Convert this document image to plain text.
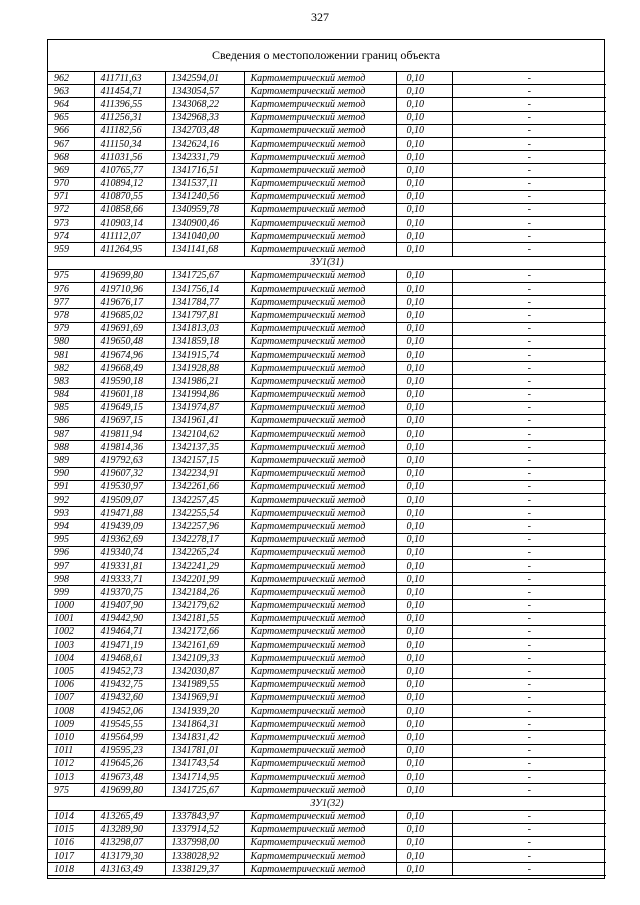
327
Сведения о местоположении границ объекта
962	411711,63	1342594,01	Картометрический метод	0,10	-
963	411454,71	1343054,57	Картометрический метод	0,10	-
964	411396,55	1343068,22	Картометрический метод	0,10	-
965	411256,31	1342968,33	Картометрический метод	0,10	-
966	411182,56	1342703,48	Картометрический метод	0,10	-
967	411150,34	1342624,16	Картометрический метод	0,10	-
968	411031,56	1342331,79	Картометрический метод	0,10	-
969	410765,77	1341716,51	Картометрический метод	0,10	-
970	410894,12	1341537,11	Картометрический метод	0,10	-
971	410870,55	1341240,56	Картометрический метод	0,10	-
972	410858,66	1340959,78	Картометрический метод	0,10	-
973	410903,14	1340900,46	Картометрический метод	0,10	-
974	411112,07	1341040,00	Картометрический метод	0,10	-
959	411264,95	1341141,68	Картометрический метод	0,10	-
ЗУ1(31)					
975	419699,80	1341725,67	Картометрический метод	0,10	-
976	419710,96	1341756,14	Картометрический метод	0,10	-
977	419676,17	1341784,77	Картометрический метод	0,10	-
978	419685,02	1341797,81	Картометрический метод	0,10	-
979	419691,69	1341813,03	Картометрический метод	0,10	-
980	419650,48	1341859,18	Картометрический метод	0,10	-
981	419674,96	1341915,74	Картометрический метод	0,10	-
982	419668,49	1341928,88	Картометрический метод	0,10	-
983	419590,18	1341986,21	Картометрический метод	0,10	-
984	419601,18	1341994,86	Картометрический метод	0,10	-
985	419649,15	1341974,87	Картометрический метод	0,10	-
986	419697,15	1341961,41	Картометрический метод	0,10	-
987	419811,94	1342104,62	Картометрический метод	0,10	-
988	419814,36	1342137,35	Картометрический метод	0,10	-
989	419792,63	1342157,15	Картометрический метод	0,10	-
990	419607,32	1342234,91	Картометрический метод	0,10	-
991	419530,97	1342261,66	Картометрический метод	0,10	-
992	419509,07	1342257,45	Картометрический метод	0,10	-
993	419471,88	1342255,54	Картометрический метод	0,10	-
994	419439,09	1342257,96	Картометрический метод	0,10	-
995	419362,69	1342278,17	Картометрический метод	0,10	-
996	419340,74	1342265,24	Картометрический метод	0,10	-
997	419331,81	1342241,29	Картометрический метод	0,10	-
998	419333,71	1342201,99	Картометрический метод	0,10	-
999	419370,75	1342184,26	Картометрический метод	0,10	-
1000	419407,90	1342179,62	Картометрический метод	0,10	-
1001	419442,90	1342181,55	Картометрический метод	0,10	-
1002	419464,71	1342172,66	Картометрический метод	0,10	-
1003	419471,19	1342161,69	Картометрический метод	0,10	-
1004	419468,61	1342109,33	Картометрический метод	0,10	-
1005	419452,73	1342030,87	Картометрический метод	0,10	-
1006	419432,75	1341989,55	Картометрический метод	0,10	-
1007	419432,60	1341969,91	Картометрический метод	0,10	-
1008	419452,06	1341939,20	Картометрический метод	0,10	-
1009	419545,55	1341864,31	Картометрический метод	0,10	-
1010	419564,99	1341831,42	Картометрический метод	0,10	-
1011	419595,23	1341781,01	Картометрический метод	0,10	-
1012	419645,26	1341743,54	Картометрический метод	0,10	-
1013	419673,48	1341714,95	Картометрический метод	0,10	-
975	419699,80	1341725,67	Картометрический метод	0,10	-
ЗУ1(32)					
1014	413265,49	1337843,97	Картометрический метод	0,10	-
1015	413289,90	1337914,52	Картометрический метод	0,10	-
1016	413298,07	1337998,00	Картометрический метод	0,10	-
1017	413179,30	1338028,92	Картометрический метод	0,10	-
1018	413163,49	1338129,37	Картометрический метод	0,10	-
